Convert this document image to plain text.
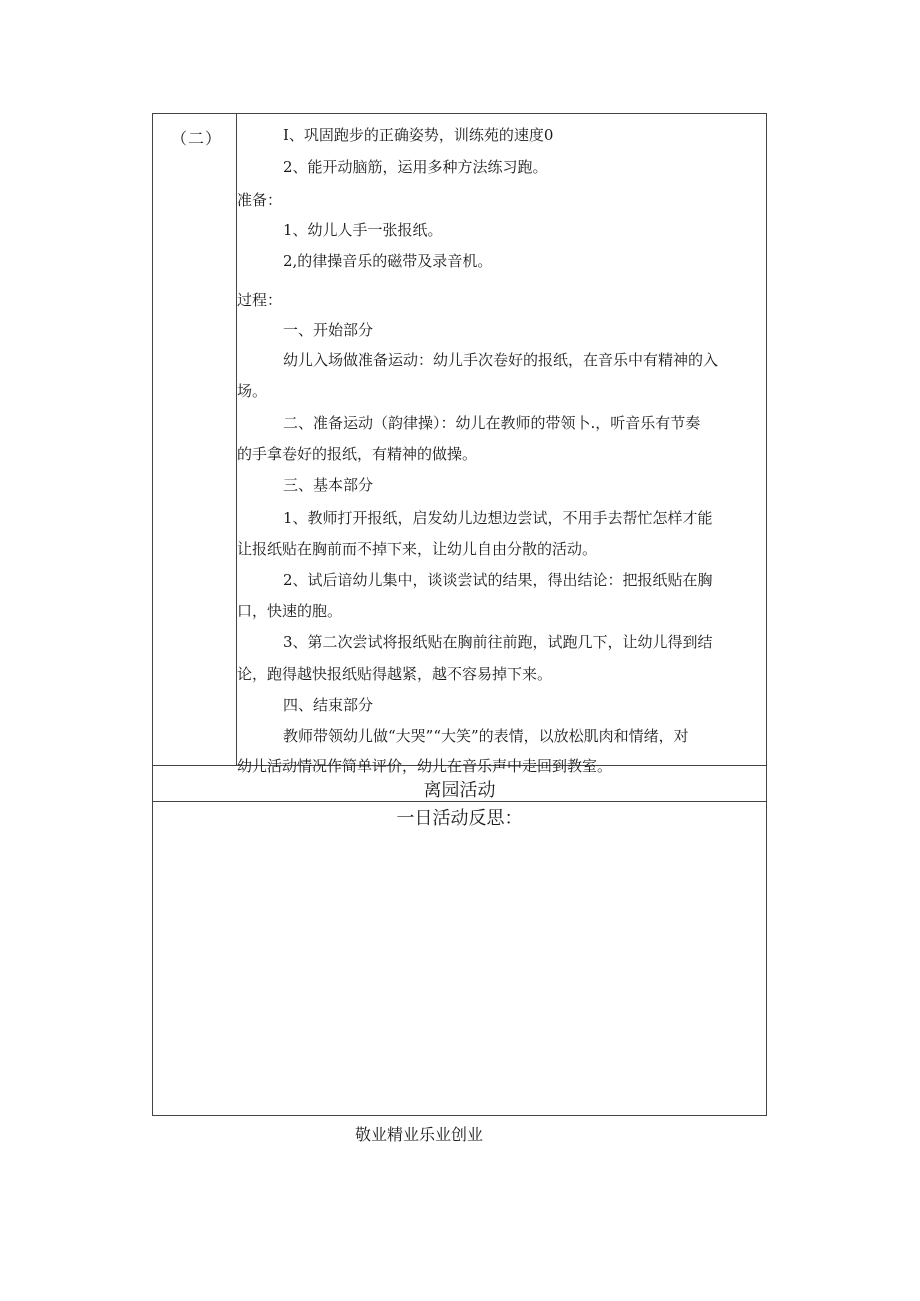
（二）	I、巩固跑步的正确姿势，训练苑的速度0
2、能开动脑筋，运用多种方法练习跑。
准备：
1、幼儿人手一张报纸。
2,的律操音乐的磁带及录音机。
过程：
一、开始部分
幼儿入场做准备运动：幼儿手次卷好的报纸，在音乐中有精神的入
场。
二、准备运动（韵律操）：幼儿在教师的带领卜.，听音乐有节奏
的手拿卷好的报纸，有精神的做操。
三、基本部分
1、教师打开报纸，启发幼儿边想边尝试，不用手去帮忙怎样才能
让报纸贴在胸前而不掉下来，让幼儿自由分散的活动。
2、试后谙幼儿集中，谈谈尝试的结果，得出结论：把报纸贴在胸
口，快速的胞。
3、第二次尝试将报纸贴在胸前往前跑，试跑几下，让幼儿得到结
论，跑得越快报纸贴得越紧，越不容易掉下来。
四、结束部分
教师带领幼儿做“大哭”“大笑”的表情，以放松肌肉和情绪，对
幼儿活动情况作简单评价，幼儿在音乐声中走回到教室。
离园活动
一日活动反思：
敬业精业乐业创业
